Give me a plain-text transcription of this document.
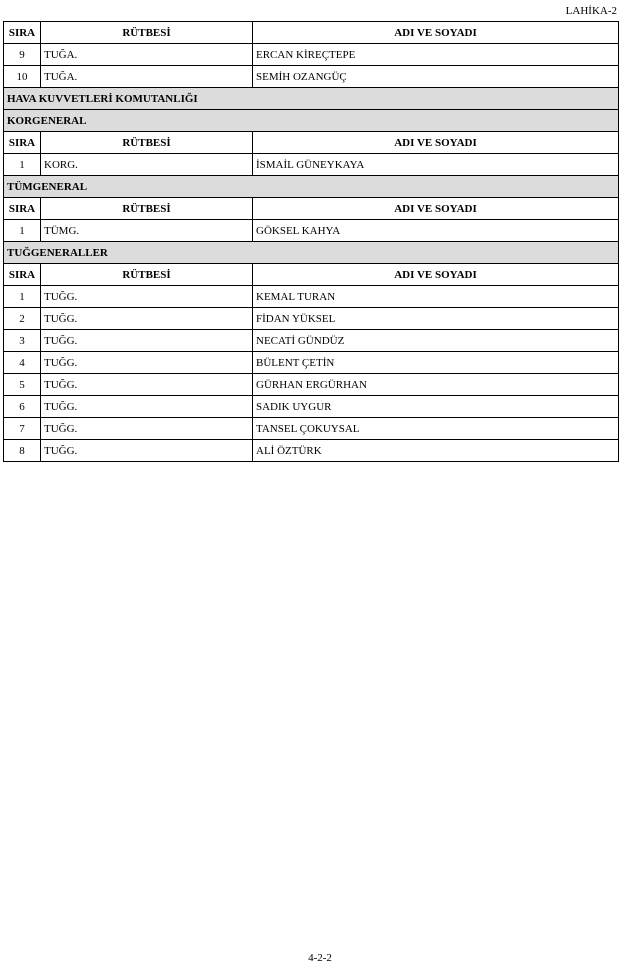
LAHİKA-2
SIRA	RÜTBESİ	ADI VE SOYADI
9	TUĞA.	ERCAN KİREÇTEPE
10	TUĞA.	SEMİH OZANGÜÇ
HAVA KUVVETLERİ KOMUTANLIĞI		
KORGENERAL		
SIRA	RÜTBESİ	ADI VE SOYADI
1	KORG.	İSMAİL GÜNEYKAYA
TÜMGENERAL		
SIRA	RÜTBESİ	ADI VE SOYADI
1	TÜMG.	GÖKSEL KAHYA
TUĞGENERALLER		
SIRA	RÜTBESİ	ADI VE SOYADI
1	TUĞG.	KEMAL TURAN
2	TUĞG.	FİDAN YÜKSEL
3	TUĞG.	NECATİ GÜNDÜZ
4	TUĞG.	BÜLENT ÇETİN
5	TUĞG.	GÜRHAN ERGÜRHAN
6	TUĞG.	SADIK UYGUR
7	TUĞG.	TANSEL ÇOKUYSAL
8	TUĞG.	ALİ ÖZTÜRK
4-2-2
